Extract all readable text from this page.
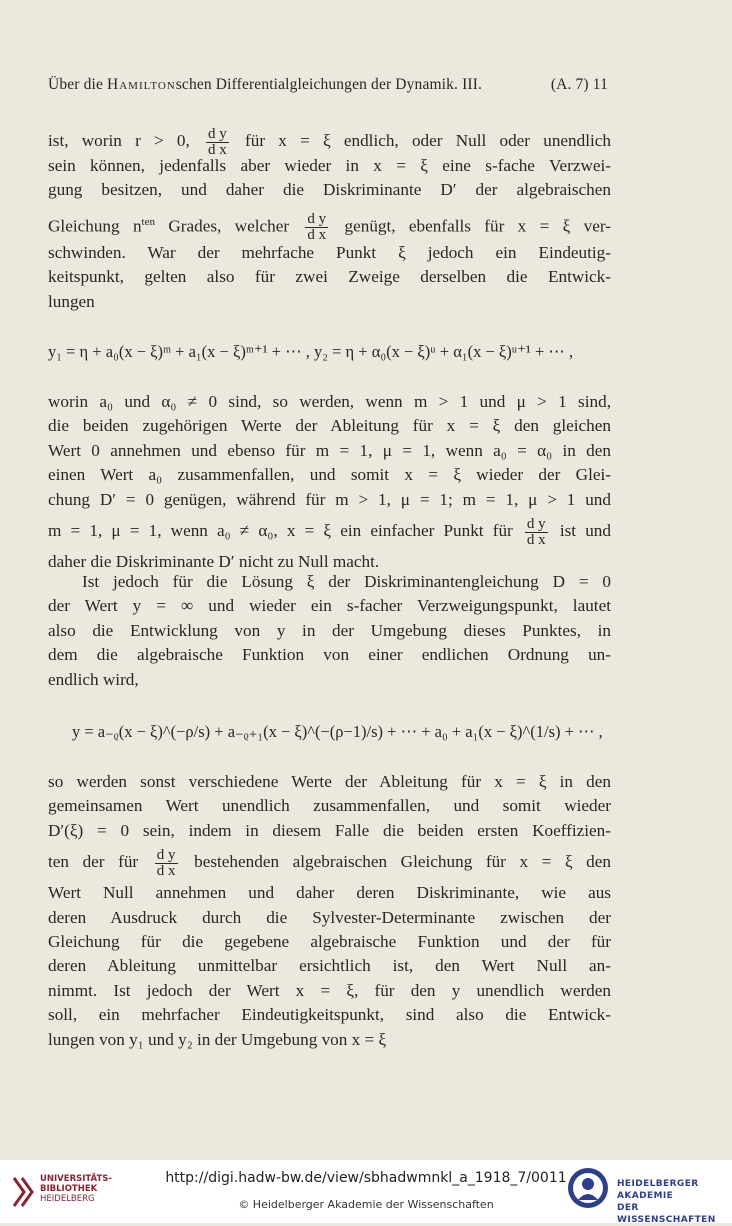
Über die Hamiltonschen Differentialgleichungen der Dynamik. III.	(A. 7) 11
ist, worin r > 0, $\frac{\text{d y}}{\text{d x}}$ für x = ξ endlich, oder Null oder unendlich
sein können, jedenfalls aber wieder in x = ξ eine s-fache Verzwei-
gung besitzen, und daher die Diskriminante D′ der algebraischen
Gleichung $n^{ten}$ Grades, welcher $\frac{\text{d y}}{\text{d x}}$ genügt, ebenfalls für x = ξ ver-
schwinden. War der mehrfache Punkt ξ jedoch ein Eindeutig-
keitspunkt, gelten also für zwei Zweige derselben die Entwick-
lungen
y₁ = η + a₀(x − ξ)ᵐ + a₁(x − ξ)ᵐ⁺¹ + ⋯ , y₂ = η + α₀(x − ξ)ᵘ + α₁(x − ξ)ᵘ⁺¹ + ⋯ ,
worin a₀ und α₀ ≠ 0 sind, so werden, wenn m > 1 und μ > 1 sind,
die beiden zugehörigen Werte der Ableitung für x = ξ den gleichen
Wert 0 annehmen und ebenso für m = 1, μ = 1, wenn a₀ = α₀ in den
einen Wert a₀ zusammenfallen, und somit x = ξ wieder der Glei-
chung D′ = 0 genügen, während für m > 1, μ = 1; m = 1, μ > 1 und
m = 1, μ = 1, wenn a₀ ≠ α₀, x = ξ ein einfacher Punkt für $\frac{\text{d y}}{\text{d x}}$ ist und
daher die Diskriminante D′ nicht zu Null macht.
Ist jedoch für die Lösung ξ der Diskriminantengleichung D = 0
der Wert y = ∞ und wieder ein s-facher Verzweigungspunkt, lautet
also die Entwicklung von y in der Umgebung dieses Punktes, in
dem die algebraische Funktion von einer endlichen Ordnung un-
endlich wird,
y = a₋ᵨ(x − ξ)^(−ρ/s) + a₋ᵨ₊₁(x − ξ)^(−(ρ−1)/s) + ⋯ + a₀ + a₁(x − ξ)^(1/s) + ⋯ ,
so werden sonst verschiedene Werte der Ableitung für x = ξ in den
gemeinsamen Wert unendlich zusammenfallen, und somit wieder
D′(ξ) = 0 sein, indem in diesem Falle die beiden ersten Koeffizien-
ten der für $\frac{\text{d y}}{\text{d x}}$ bestehenden algebraischen Gleichung für x = ξ den
Wert Null annehmen und daher deren Diskriminante, wie aus
deren Ausdruck durch die Sylvester-Determinante zwischen der
Gleichung für die gegebene algebraische Funktion und der für
deren Ableitung unmittelbar ersichtlich ist, den Wert Null an-
nimmt. Ist jedoch der Wert x = ξ, für den y unendlich werden
soll, ein mehrfacher Eindeutigkeitspunkt, sind also die Entwick-
lungen von y₁ und y₂ in der Umgebung von x = ξ
UNIVERSITÄTS-
BIBLIOTHEK
HEIDELBERG
http://digi.hadw-bw.de/view/sbhadwmnkl_a_1918_7/0011
© Heidelberger Akademie der Wissenschaften
HEIDELBERGER AKADEMIE
DER WISSENSCHAFTEN
